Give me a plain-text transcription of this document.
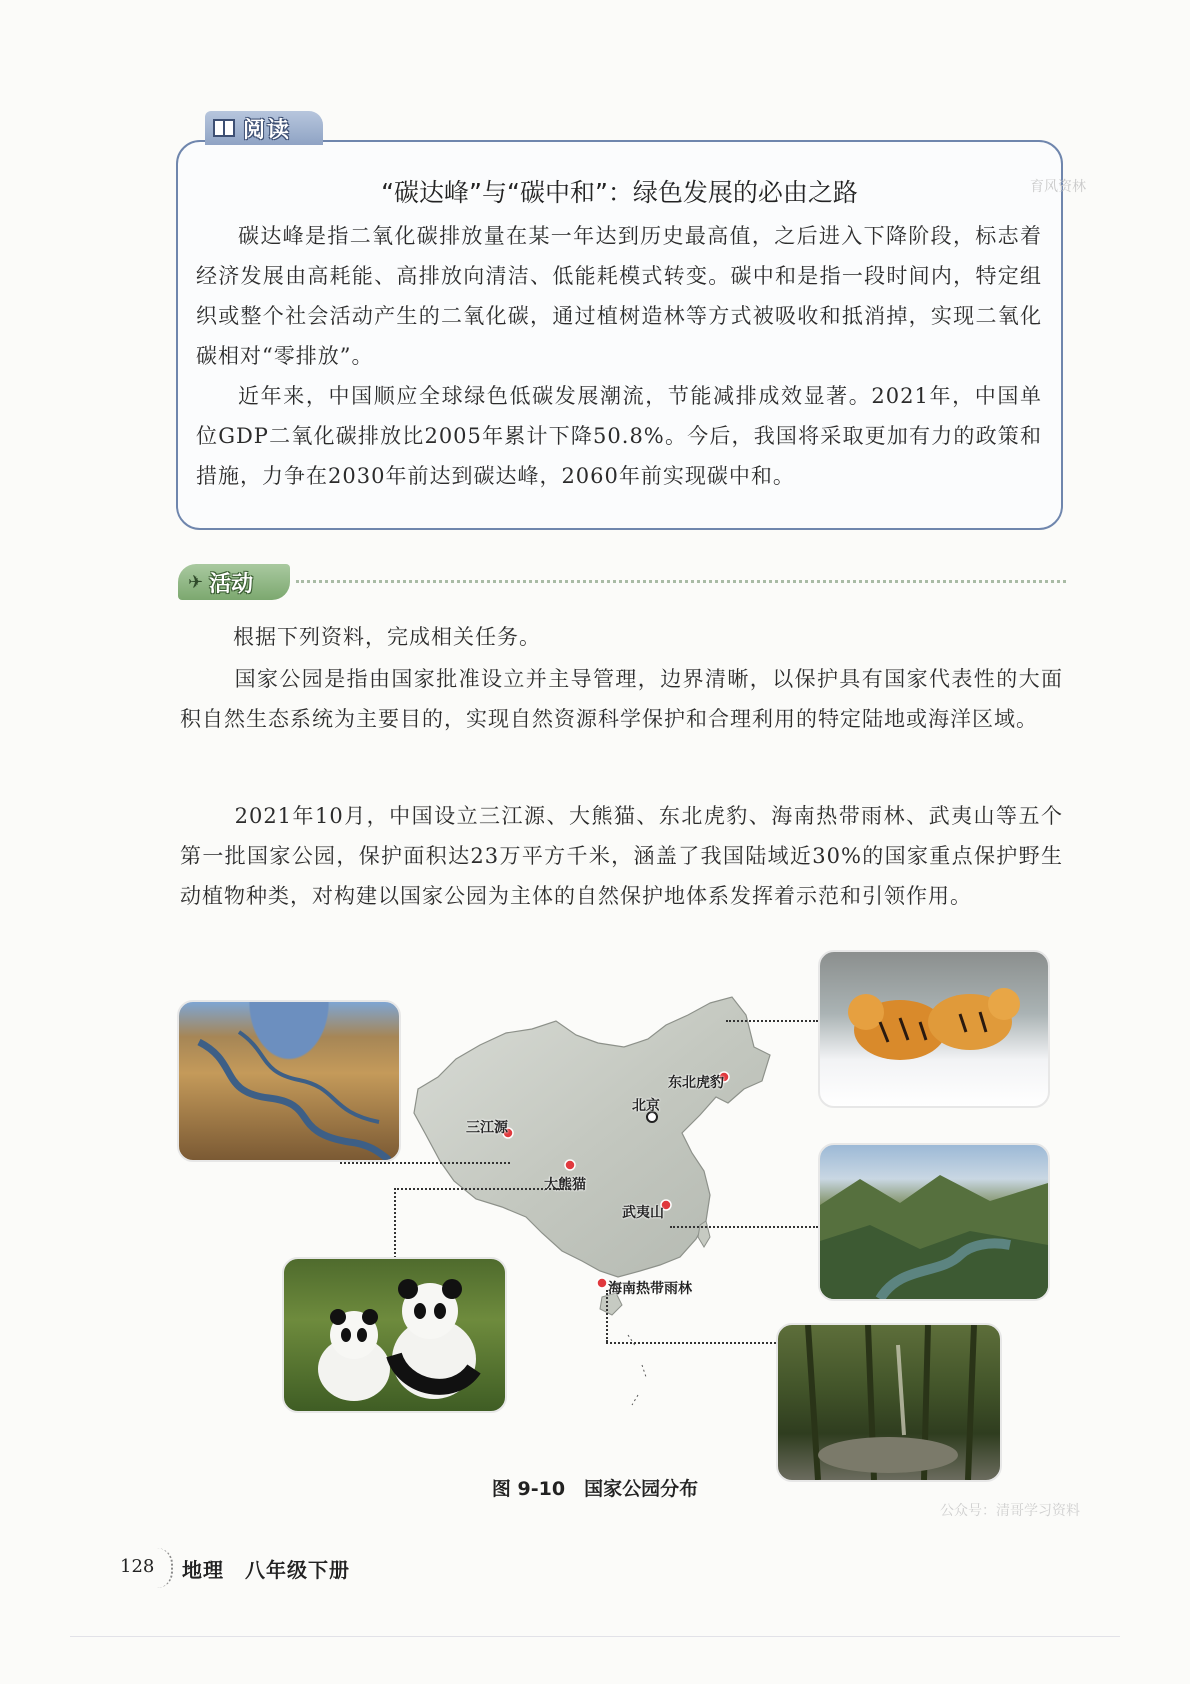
阅读
“碳达峰”与“碳中和”：绿色发展的必由之路
碳达峰是指二氧化碳排放量在某一年达到历史最高值，之后进入下降阶段，标志着经济发展由高耗能、高排放向清洁、低能耗模式转变。碳中和是指一段时间内，特定组织或整个社会活动产生的二氧化碳，通过植树造林等方式被吸收和抵消掉，实现二氧化碳相对“零排放”。
近年来，中国顺应全球绿色低碳发展潮流，节能减排成效显著。2021年，中国单位GDP二氧化碳排放比2005年累计下降50.8%。今后，我国将采取更加有力的政策和措施，力争在2030年前达到碳达峰，2060年前实现碳中和。
育风资林
✈ 活动
根据下列资料，完成相关任务。
国家公园是指由国家批准设立并主导管理，边界清晰，以保护具有国家代表性的大面积自然生态系统为主要目的，实现自然资源科学保护和合理利用的特定陆地或海洋区域。
2021年10月，中国设立三江源、大熊猫、东北虎豹、海南热带雨林、武夷山等五个第一批国家公园，保护面积达23万平方千米，涵盖了我国陆域近30%的国家重点保护野生动植物种类，对构建以国家公园为主体的自然保护地体系发挥着示范和引领作用。
东北虎豹
北京
三江源
大熊猫
武夷山
海南热带雨林
图 9-10　国家公园分布
公众号：清哥学习资料
128 地理　八年级下册
